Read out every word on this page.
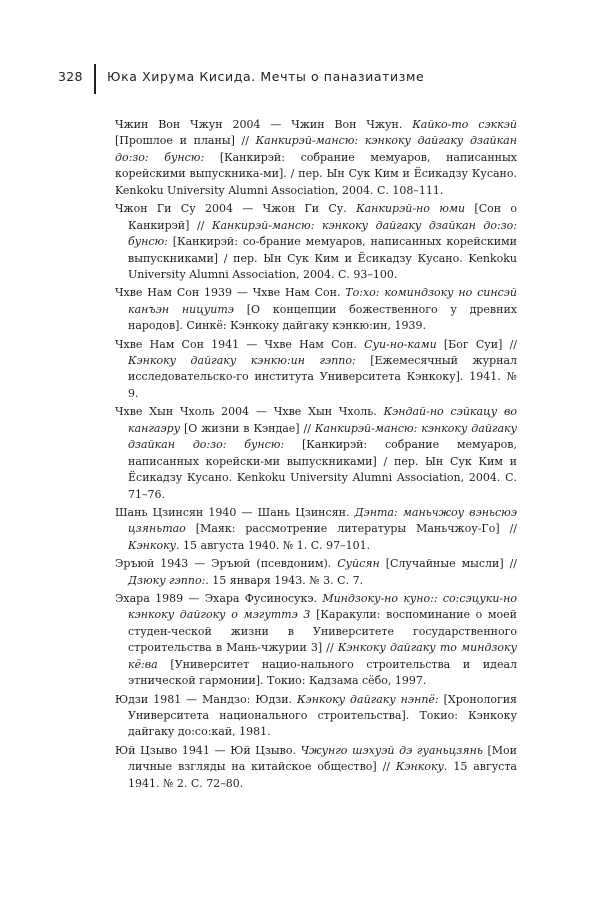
328 Юка Хирума Кисида. Мечты о паназиатизме

Чжин Вон Чжун 2004 — Чжин Вон Чжун. Кайко-то сэккэй [Прошлое и планы] // Канкирэй-мансю: кэнкоку дайгаку дзайкан до:зо: бунсю: [Канкирэй: собрание мемуаров, написанных корейскими выпускника-ми]. / пер. Ын Сук Ким и Ёсикадзу Кусано. Kenkoku University Alumni Association, 2004. С. 108–111.

Чжон Ги Су 2004 — Чжон Ги Су. Канкирэй-но юми [Сон о Канкирэй] // Канкирэй-мансю: кэнкоку дайгаку дзайкан до:зо: бунсю: [Канкирэй: со-брание мемуаров, написанных корейскими выпускниками] / пер. Ын Сук Ким и Ёсикадзу Кусано. Kenkoku University Alumni Association, 2004. С. 93–100.

Чхве Нам Сон 1939 — Чхве Нам Сон. То:хо: коминдзоку но синсэй канъэн ницуитэ [О концепции божественного у древних народов]. Синкё: Кэнкоку дайгаку кэнкю:ин, 1939.

Чхве Нам Сон 1941 — Чхве Нам Сон. Суи-но-ками [Бог Суи] // Кэнкоку дайгаку кэнкю:ин гэппо: [Ежемесячный журнал исследовательско-го института Университета Кэнкоку]. 1941. № 9.

Чхве Хын Чхоль 2004 — Чхве Хын Чхоль. Кэндай-но сэйкацу во кангаэру [О жизни в Кэндае] // Канкирэй-мансю: кэнкоку дайгаку дзайкан до:зо: бунсю: [Канкирэй: собрание мемуаров, написанных корейски-ми выпускниками] / пер. Ын Сук Ким и Ёсикадзу Кусано. Kenkoku University Alumni Association, 2004. С. 71–76.

Шань Цзинсян 1940 — Шань Цзинсян. Дэнта: маньчжоу вэньсюэ цзяньтао [Маяк: рассмотрение литературы Маньчжоу-Го] // Кэнкоку. 15 августа 1940. № 1. С. 97–101.

Эръюй 1943 — Эръюй (псевдоним). Суйсян [Случайные мысли] // Дзюку гэппо:. 15 января 1943. № 3. С. 7.

Эхара 1989 — Эхара Фусиносукэ. Миндзоку-но куно:: со:сэцуки-но кэнкоку дайгоку о мэгуттэ 3 [Каракули: воспоминание о моей студен-ческой жизни в Университете государственного строительства в Мань-чжурии 3] // Кэнкоку дайгаку то миндзоку кё:ва [Университет нацио-нального строительства и идеал этнической гармонии]. Токио: Кадзама сёбо, 1997.

Юдзи 1981 — Мандзо: Юдзи. Кэнкоку дайгаку нэнпё: [Хронология Университета национального строительства]. Токио: Кэнкоку дайгаку до:со:кай, 1981.

Юй Цзыво 1941 — Юй Цзыво. Чжунго шэхуэй дэ гуаньцзянь [Мои личные взгляды на китайское общество] // Кэнкоку. 15 августа 1941. № 2. С. 72–80.
